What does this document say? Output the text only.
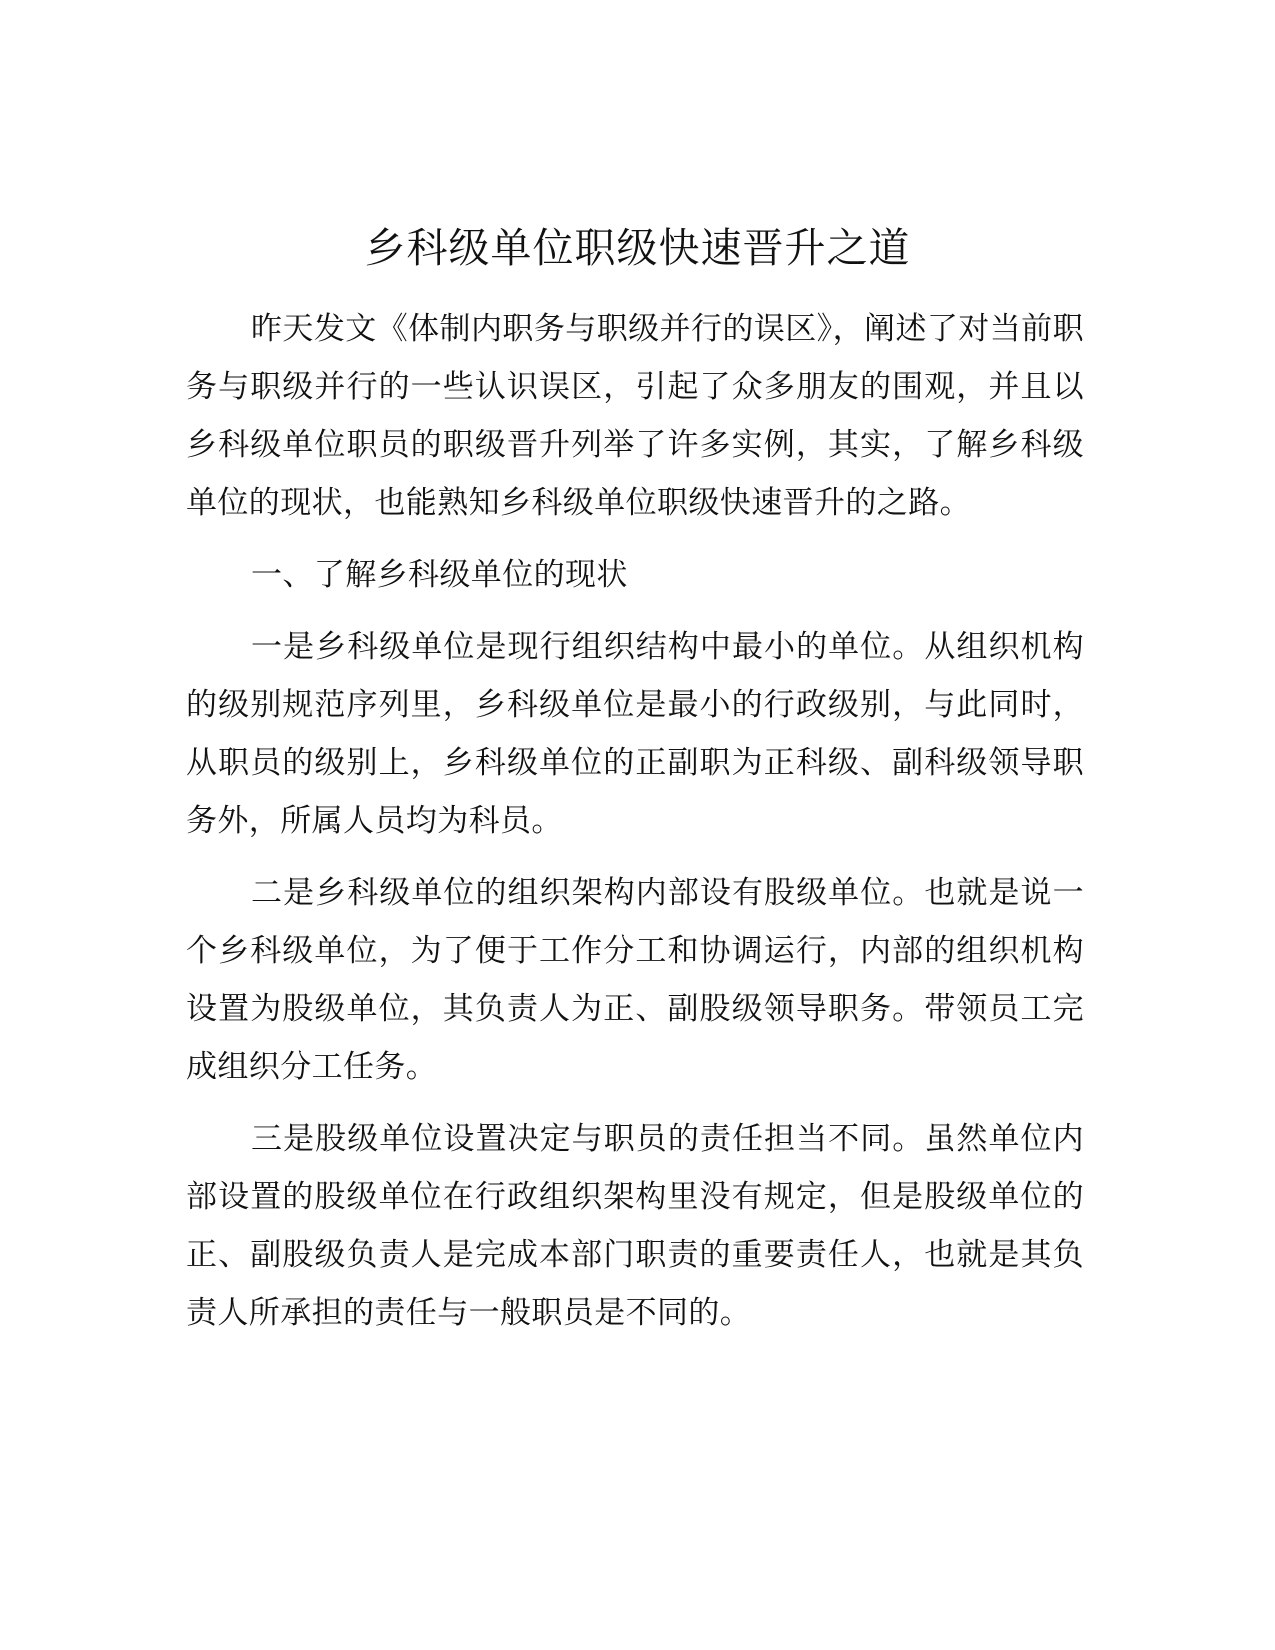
乡科级单位职级快速晋升之道

昨天发文《体制内职务与职级并行的误区》，阐述了对当前职务与职级并行的一些认识误区，引起了众多朋友的围观，并且以乡科级单位职员的职级晋升列举了许多实例，其实，了解乡科级单位的现状，也能熟知乡科级单位职级快速晋升的之路。

一、了解乡科级单位的现状

一是乡科级单位是现行组织结构中最小的单位。从组织机构的级别规范序列里，乡科级单位是最小的行政级别，与此同时，从职员的级别上，乡科级单位的正副职为正科级、副科级领导职务外，所属人员均为科员。

二是乡科级单位的组织架构内部设有股级单位。也就是说一个乡科级单位，为了便于工作分工和协调运行，内部的组织机构设置为股级单位，其负责人为正、副股级领导职务。带领员工完成组织分工任务。

三是股级单位设置决定与职员的责任担当不同。虽然单位内部设置的股级单位在行政组织架构里没有规定，但是股级单位的正、副股级负责人是完成本部门职责的重要责任人，也就是其负责人所承担的责任与一般职员是不同的。
